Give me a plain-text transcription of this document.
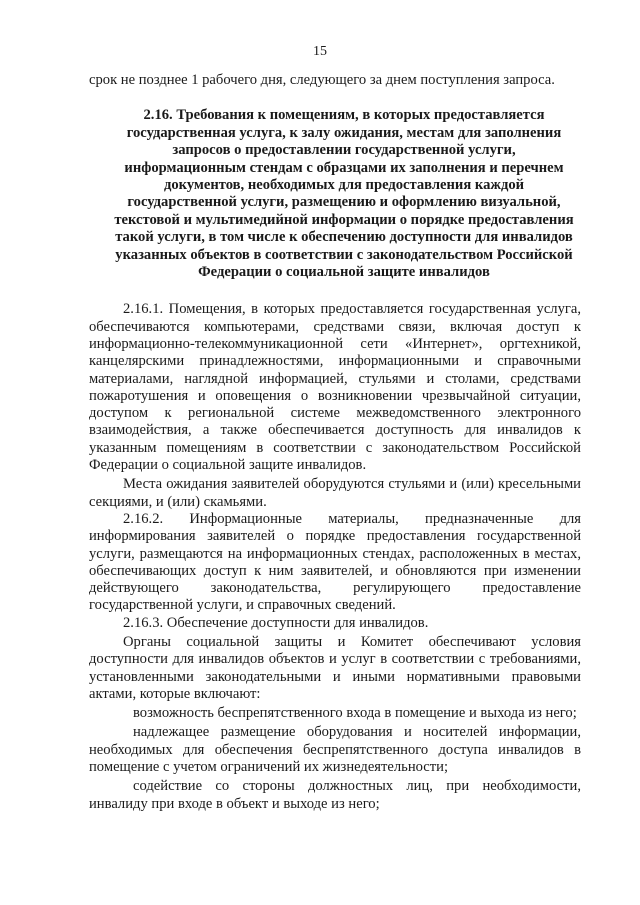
15

срок не позднее 1 рабочего дня, следующего за днем поступления запроса.

2.16. Требования к помещениям, в которых предоставляется государственная услуга, к залу ожидания, местам для заполнения запросов о предоставлении государственной услуги, информационным стендам с образцами их заполнения и перечнем документов, необходимых для предоставления каждой государственной услуги, размещению и оформлению визуальной, текстовой и мультимедийной информации о порядке предоставления такой услуги, в том числе к обеспечению доступности для инвалидов указанных объектов в соответствии с законодательством Российской Федерации о социальной защите инвалидов

2.16.1. Помещения, в которых предоставляется государственная услуга, обеспечиваются компьютерами, средствами связи, включая доступ к информационно-телекоммуникационной сети «Интернет», оргтехникой, канцелярскими принадлежностями, информационными и справочными материалами, наглядной информацией, стульями и столами, средствами пожаротушения и оповещения о возникновении чрезвычайной ситуации, доступом к региональной системе межведомственного электронного взаимодействия, а также обеспечивается доступность для инвалидов к указанным помещениям в соответствии с законодательством Российской Федерации о социальной защите инвалидов.

Места ожидания заявителей оборудуются стульями и (или) кресельными секциями, и (или) скамьями.

2.16.2. Информационные материалы, предназначенные для информирования заявителей о порядке предоставления государственной услуги, размещаются на информационных стендах, расположенных в местах, обеспечивающих доступ к ним заявителей, и обновляются при изменении действующего законодательства, регулирующего предоставление государственной услуги, и справочных сведений.

2.16.3. Обеспечение доступности для инвалидов.

Органы социальной защиты и Комитет обеспечивают условия доступности для инвалидов объектов и услуг в соответствии с требованиями, установленными законодательными и иными нормативными правовыми актами, которые включают:

возможность беспрепятственного входа в помещение и выхода из него;

надлежащее размещение оборудования и носителей информации, необходимых для обеспечения беспрепятственного доступа инвалидов в помещение с учетом ограничений их жизнедеятельности;

содействие со стороны должностных лиц, при необходимости, инвалиду при входе в объект и выходе из него;
